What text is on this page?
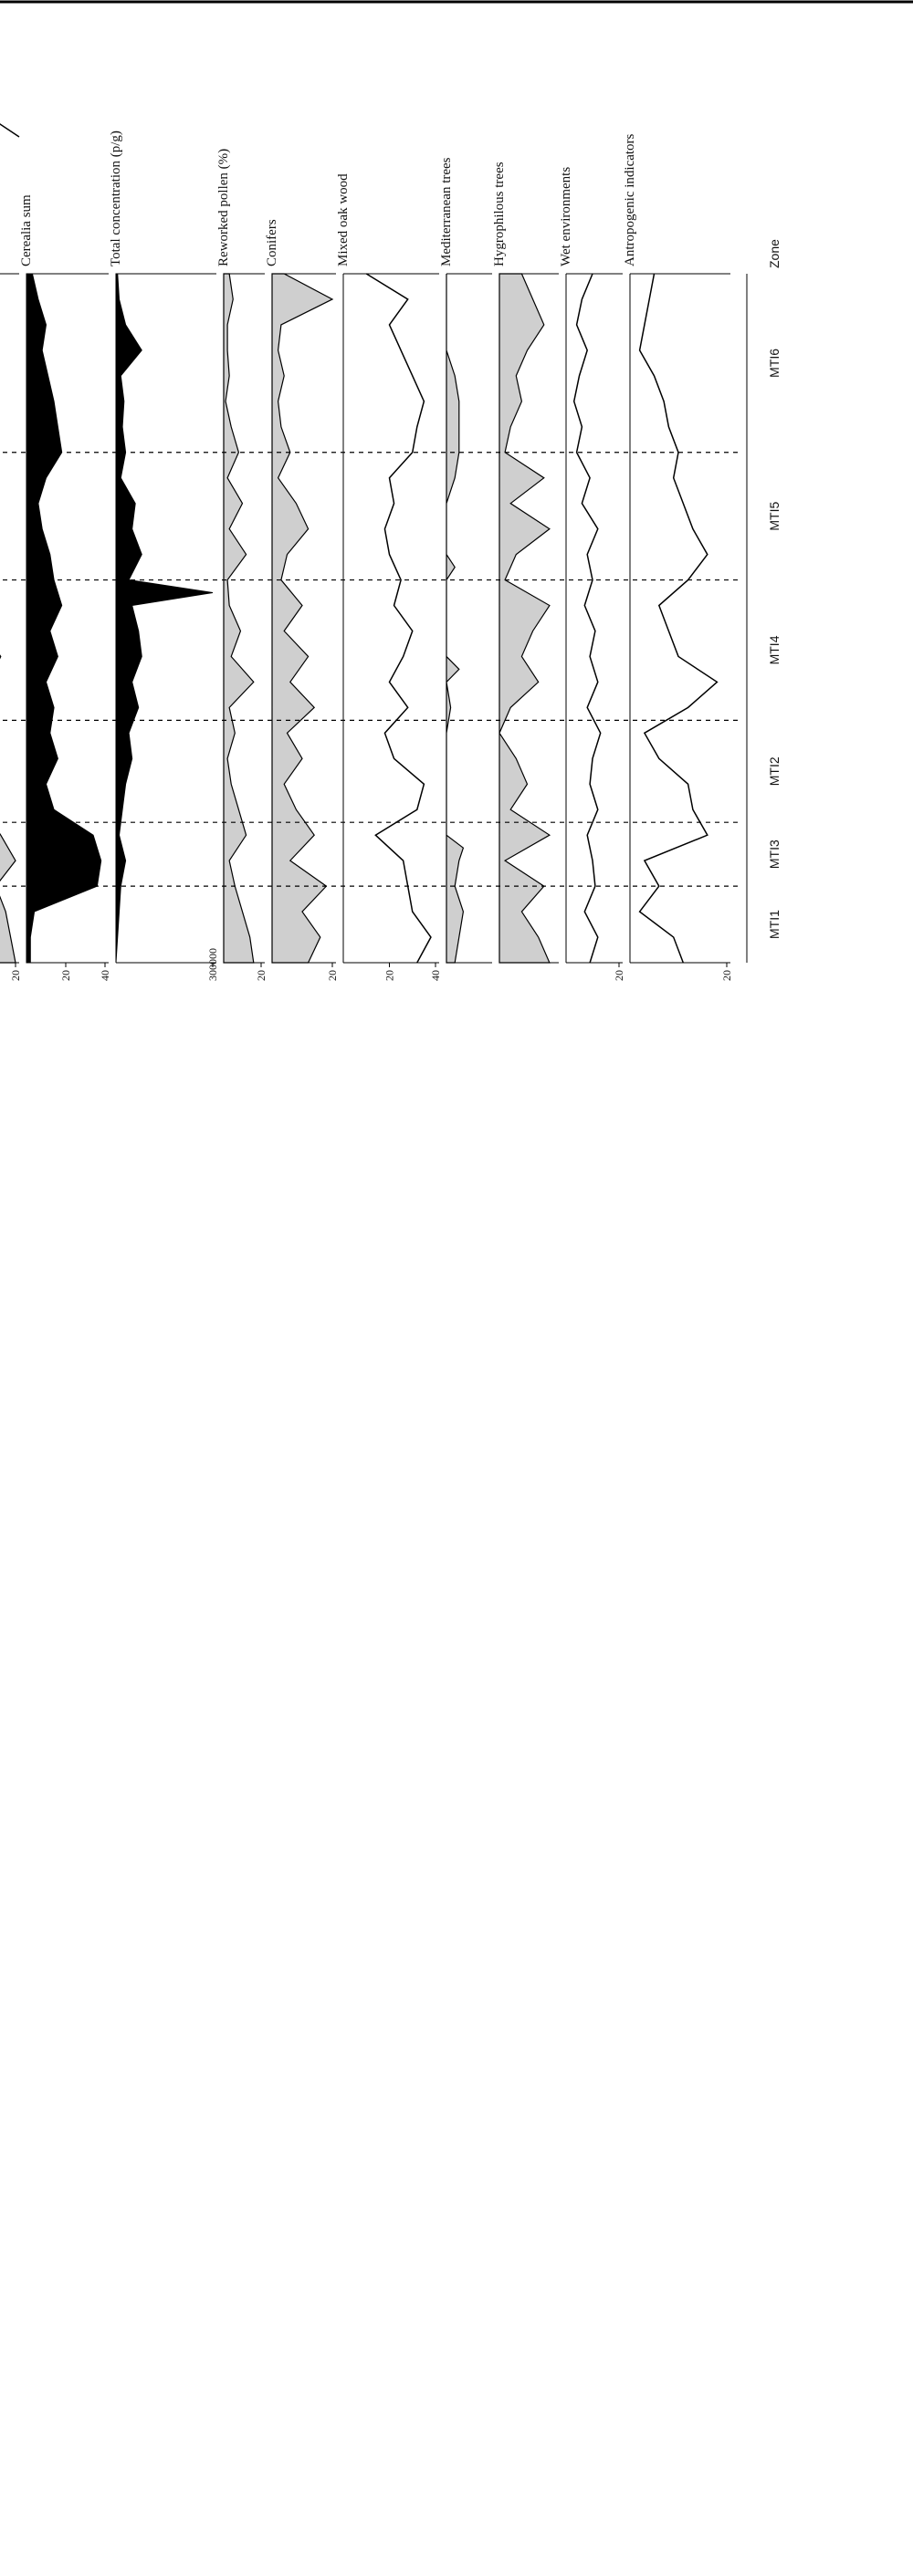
20	20 40
Cerealia sum
300000
Total concentration (p/g)
20
Reworked pollen (%)
20
Conifers
20	40
Mixed oak wood	Mediterranean trees	Hygrophilous trees
20
Wet environments
20
Antropogenic indicators
MTI6
MTI5
MTI4
MTI2
MTI3
MTI1
Zone
